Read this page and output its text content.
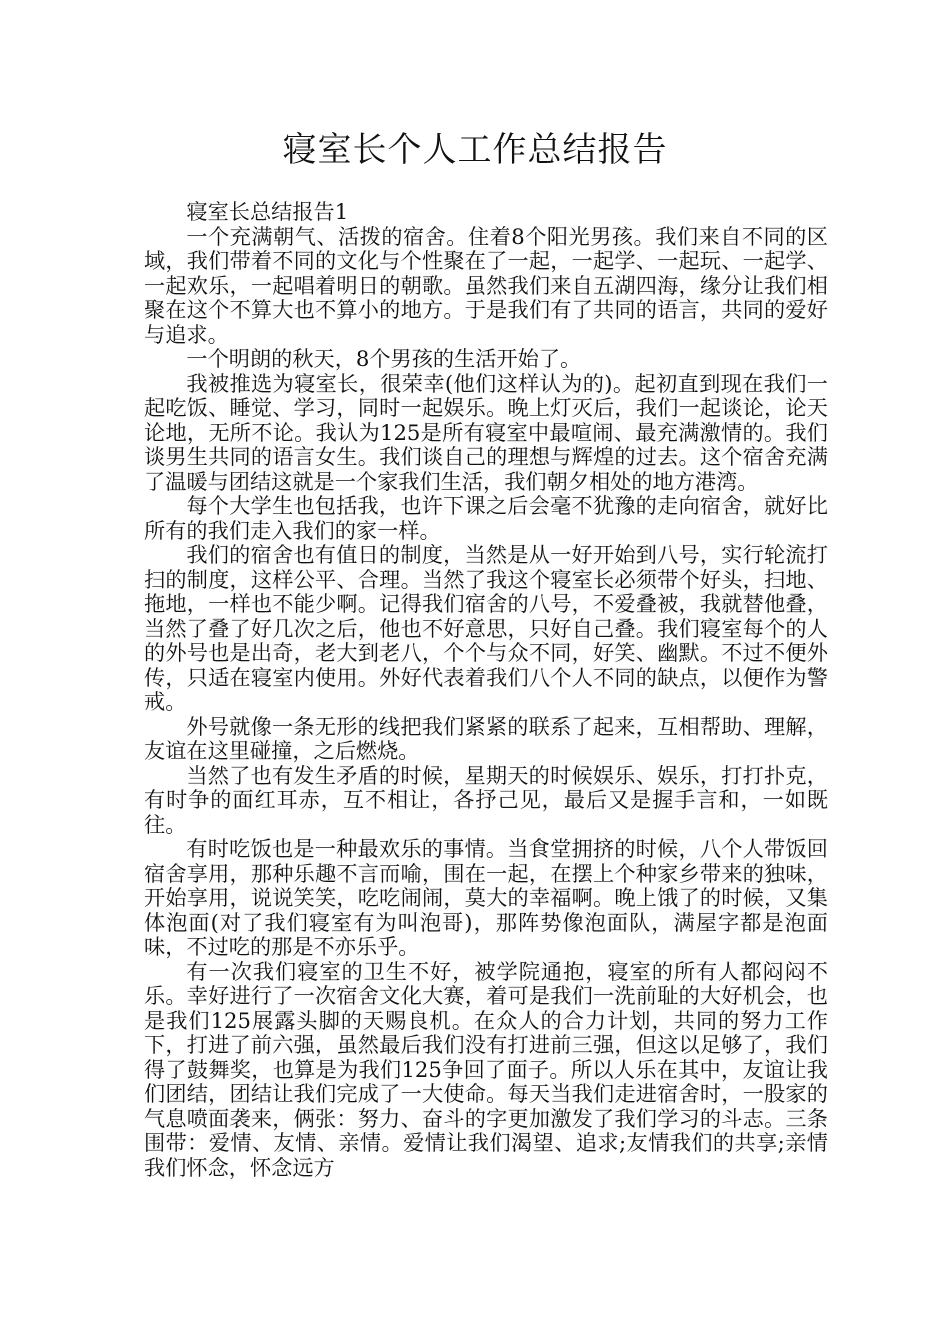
寝室长个人工作总结报告

寝室长总结报告1

一个充满朝气、活拨的宿舍。住着8个阳光男孩。我们来自不同的区域，我们带着不同的文化与个性聚在了一起，一起学、一起玩、一起学、一起欢乐，一起唱着明日的朝歌。虽然我们来自五湖四海，缘分让我们相聚在这个不算大也不算小的地方。于是我们有了共同的语言，共同的爱好与追求。

一个明朗的秋天，8个男孩的生活开始了。

我被推选为寝室长，很荣幸(他们这样认为的)。起初直到现在我们一起吃饭、睡觉、学习，同时一起娱乐。晚上灯灭后，我们一起谈论，论天论地，无所不论。我认为125是所有寝室中最喧闹、最充满激情的。我们谈男生共同的语言女生。我们谈自己的理想与辉煌的过去。这个宿舍充满了温暖与团结这就是一个家我们生活，我们朝夕相处的地方港湾。

每个大学生也包括我，也许下课之后会毫不犹豫的走向宿舍，就好比所有的我们走入我们的家一样。

我们的宿舍也有值日的制度，当然是从一好开始到八号，实行轮流打扫的制度，这样公平、合理。当然了我这个寝室长必须带个好头，扫地、拖地，一样也不能少啊。记得我们宿舍的八号，不爱叠被，我就替他叠，当然了叠了好几次之后，他也不好意思，只好自己叠。我们寝室每个的人的外号也是出奇，老大到老八，个个与众不同，好笑、幽默。不过不便外传，只适在寝室内使用。外好代表着我们八个人不同的缺点，以便作为警戒。

外号就像一条无形的线把我们紧紧的联系了起来，互相帮助、理解，友谊在这里碰撞，之后燃烧。

当然了也有发生矛盾的时候，星期天的时候娱乐、娱乐，打打扑克，有时争的面红耳赤，互不相让，各抒己见，最后又是握手言和，一如既往。

有时吃饭也是一种最欢乐的事情。当食堂拥挤的时候，八个人带饭回宿舍享用，那种乐趣不言而喻，围在一起，在摆上个种家乡带来的独味，开始享用，说说笑笑，吃吃闹闹，莫大的幸福啊。晚上饿了的时候，又集体泡面(对了我们寝室有为叫泡哥)，那阵势像泡面队，满屋字都是泡面味，不过吃的那是不亦乐乎。

有一次我们寝室的卫生不好，被学院通抱，寝室的所有人都闷闷不乐。幸好进行了一次宿舍文化大赛，着可是我们一洗前耻的大好机会，也是我们125展露头脚的天赐良机。在众人的合力计划，共同的努力工作下，打进了前六强，虽然最后我们没有打进前三强，但这以足够了，我们得了鼓舞奖，也算是为我们125争回了面子。所以人乐在其中，友谊让我们团结，团结让我们完成了一大使命。每天当我们走进宿舍时，一股家的气息喷面袭来，俩张：努力、奋斗的字更加激发了我们学习的斗志。三条围带：爱情、友情、亲情。爱情让我们渴望、追求;友情我们的共享;亲情我们怀念，怀念远方
